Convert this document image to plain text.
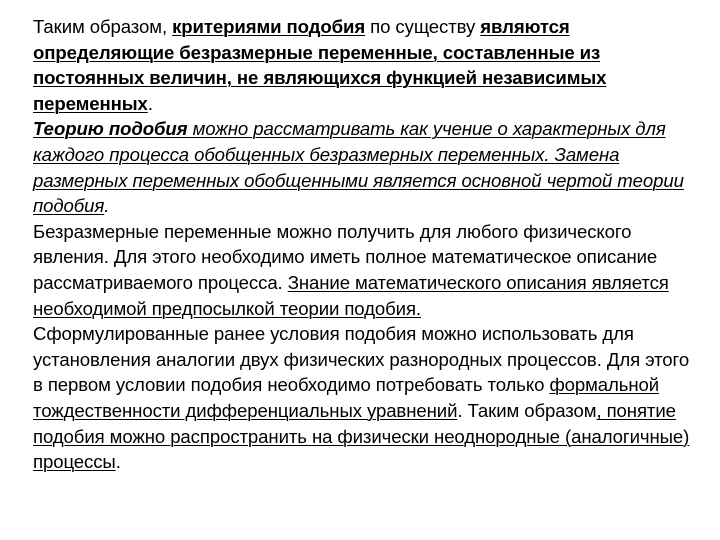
Таким образом, критериями подобия по существу являются определяющие безразмерные переменные, составленные из постоянных величин, не являющихся функцией независимых переменных.

Теорию подобия можно рассматривать как учение о характерных для каждого процесса обобщенных безразмерных переменных. Замена размерных переменных обобщенными является основной чертой теории подобия.

Безразмерные переменные можно получить для любого физического явления. Для этого необходимо иметь полное математическое описание рассматриваемого процесса. Знание математического описания является необходимой предпосылкой теории подобия.

Сформулированные ранее условия подобия можно использовать для установления аналогии двух физических разнородных процессов. Для этого в первом условии подобия необходимо потребовать только формальной тождественности дифференциальных уравнений. Таким образом, понятие подобия можно распространить на физически неоднородные (аналогичные) процессы.
